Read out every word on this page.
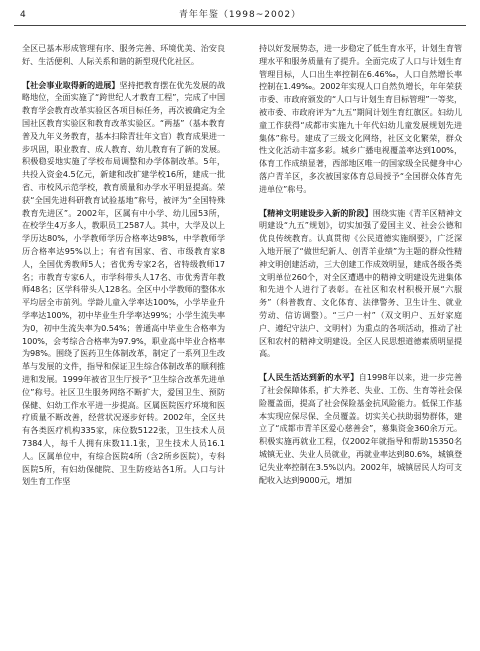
4	青年年鉴（1998~2002）

全区已基本形成管理有序、服务完善、环境优美、治安良好、生活便利、人际关系和谐的新型现代化社区。

【社会事业取得新的进展】坚持把教育摆在优先发展的战略地位，全面实施了“跨世纪人才教育工程”，完成了中国教育学会教育改革实验区各项目标任务，再次被确定为全国社区教育实验区和教育改革实验区。“两基”（基本教育普及九年义务教育，基本扫除青壮年文盲）教育成果进一步巩固，职业教育、成人教育、幼儿教育有了新的发展。积极稳妥地实施了学校布局调整和办学体制改革。5年，共投入资金4.5亿元，新建和改扩建学校16所，建成一批省、市校风示范学校，教育质量和办学水平明显提高。荣获“全国先进科研教育试验基地”称号，被评为“全国特殊教育先进区”。2002年，区属有中小学、幼儿园53所，在校学生4万多人，教职员工2587人。其中，大学及以上学历达80%，小学教师学历合格率达98%，中学教师学历合格率达95%以上；有省有国家、省、市级教育家8人，全国优秀教师5人；省优秀专家2名，省特级教师17名；市教育专家6人，市学科带头人17名、市优秀青年教师48名；区学科带头人128名。全区中小学教师的整体水平均居全市前列。学龄儿童入学率达100%，小学毕业升学率达100%，初中毕业生升学率达99%；小学生流失率为0，初中生流失率为0.54%；普通高中毕业生合格率为100%，会考综合合格率为97.9%，职业高中毕业合格率为98%。围绕了医药卫生体制改革，制定了一系列卫生改革与发展的文件，指导和保证卫生综合体制改革的顺利推进和发展。1999年被省卫生厅授予“卫生综合改革先进单位”称号。社区卫生服务网络不断扩大，爱国卫生、预防保健、妇幼工作水平进一步提高。区属医院医疗环境和医疗质量不断改善，经营状况逐步好转。2002年，全区共有各类医疗机构335家，床位数5122张，卫生技术人员7384人，每千人拥有床数11.1张，卫生技术人员16.1人。区属单位中，有综合医院4所（含2所乡医院），专科医院5所，有妇幼保健院、卫生防疫站各1所。人口与计划生育工作坚

持以好发展势态，进一步稳定了低生育水平，计划生育管理水平和服务质量有了提升。全面完成了人口与计划生育管理目标，人口出生率控制在6.46‰，人口自然增长率控制在1.49‰。2002年实现人口自然负增长，年年荣获市委、市政府颁发的“人口与计划生育目标管理”一等奖，被市委、市政府评为“九五”期间计划生育红旗区。妇幼儿童工作获得“成都市实施九十年代妇幼儿童发展规划先进集体”称号。建成了三级文化网络，社区文化繁荣，群众性文化活动丰富多彩。城乡广播电视覆盖率达到100%，体育工作成绩显著，西部地区唯一的国家级全民健身中心落户青羊区，多次被国家体育总局授予“全国群众体育先进单位”称号。

【精神文明建设步入新的阶段】围绕实施《青羊区精神文明建设“九五”规划》，切实加强了爱国主义、社会公德和优良传统教育。认真贯彻《公民道德实施纲要》，广泛深入地开展了“做世纪新人、创青羊业绩”为主题的群众性精神文明创建活动，三大创建工作成效明显，建成各级各类文明单位260个，对全区遭遇中的精神文明建设先进集体和先进个人进行了表彰。在社区和农村积极开展“六服务”（科普教育、文化体育、法律警务、卫生计生、就业劳动、信访调整）。“三户一村”（双文明户、五好家庭户、遵纪守法户、文明村）为重点的各项活动，推动了社区和农村的精神文明建设。全区人民思想道德素质明显提高。

【人民生活达到新的水平】自1998年以来，进一步完善了社会保障体系，扩大养老、失业、工伤、生育等社会保险覆盖面，提高了社会保险基金抗风险能力。低保工作基本实现应保尽保、全员覆盖。切实关心扶助弱势群体，建立了“成都市青羊区爱心慈善会”，募集资金360余万元。积极实施再就业工程，仅2002年就指导和帮助15350名城镇无业、失业人员就业，再就业率达到80.6%，城镇登记失业率控制在3.5%以内。2002年，城镇居民人均可支配收入达到9000元，增加
